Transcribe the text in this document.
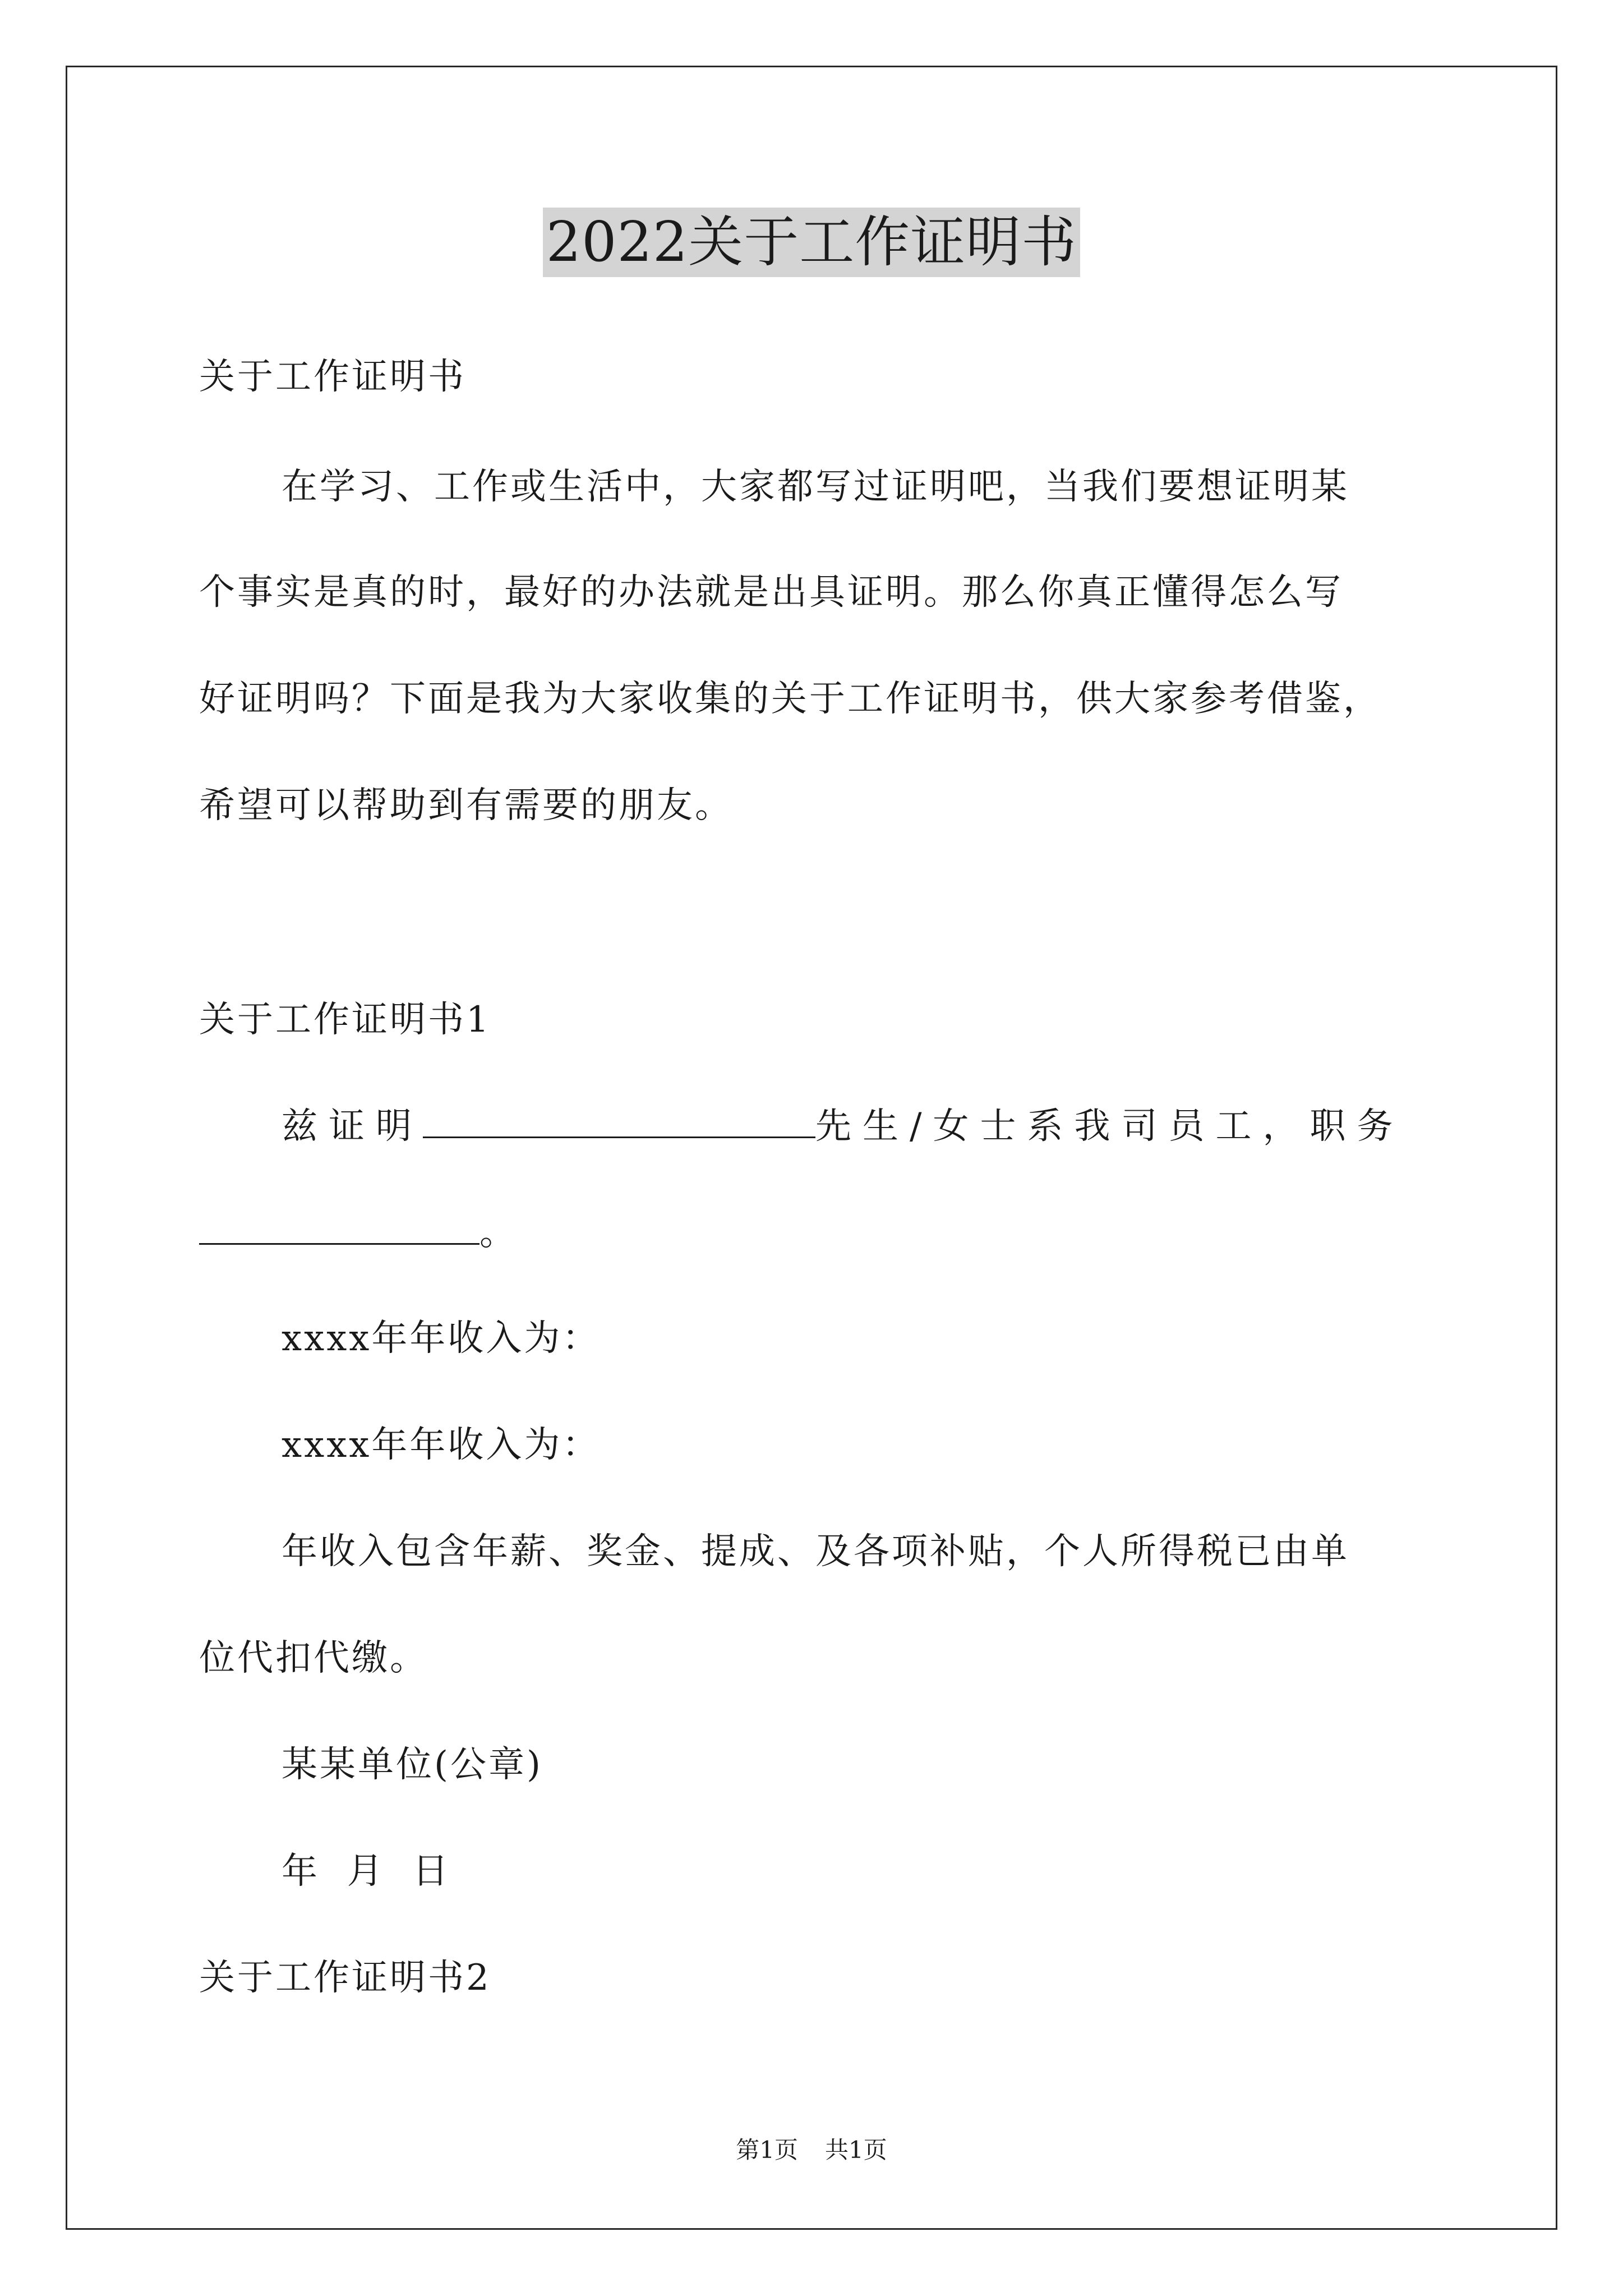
2022关于工作证明书
关于工作证明书
在学习、工作或生活中，大家都写过证明吧，当我们要想证明某
个事实是真的时，最好的办法就是出具证明。那么你真正懂得怎么写
好证明吗？下面是我为大家收集的关于工作证明书，供大家参考借鉴，
希望可以帮助到有需要的朋友。
关于工作证明书1
兹证明	先生/女士系我司员工，职务
。
xxxx年年收入为：
xxxx年年收入为：
年收入包含年薪、奖金、提成、及各项补贴，个人所得税已由单
位代扣代缴。
某某单位(公章)
年  月  日
关于工作证明书2
第1页 共1页
